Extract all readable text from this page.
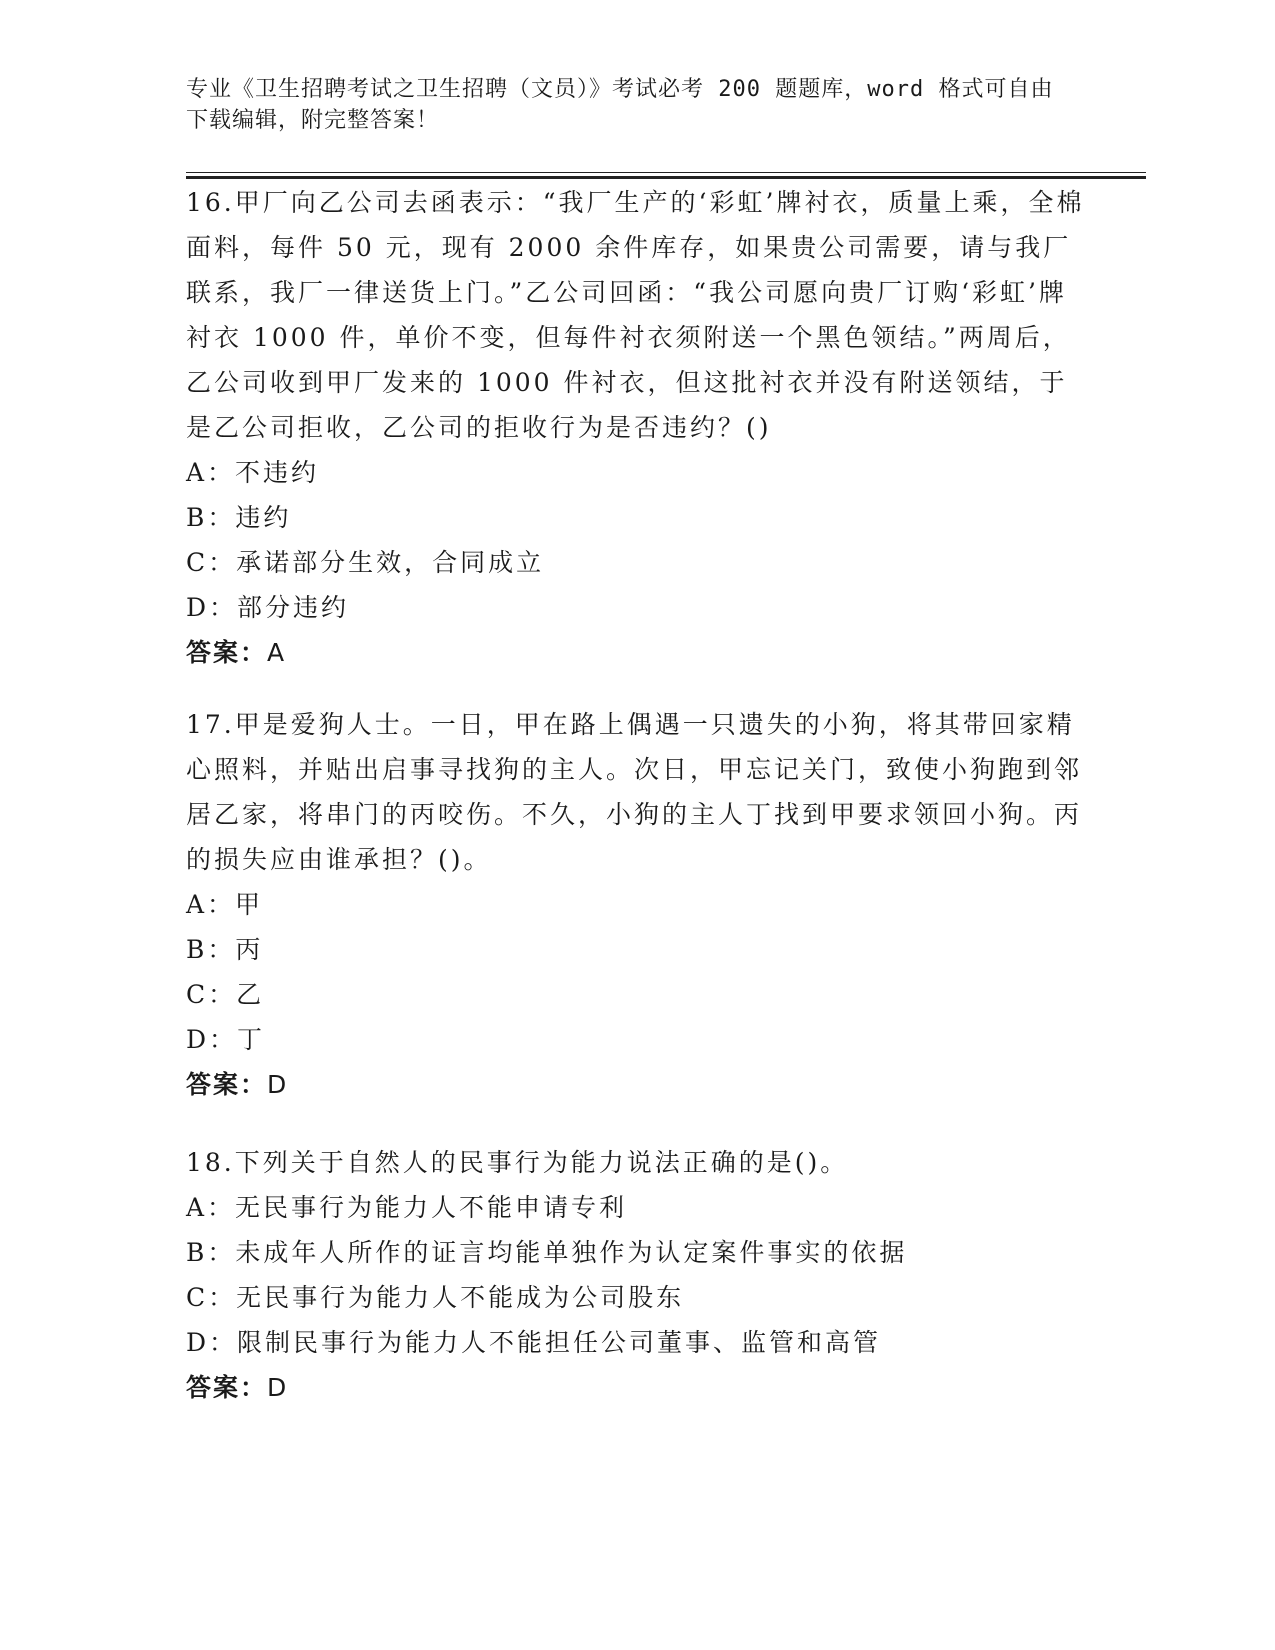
专业《卫生招聘考试之卫生招聘（文员）》考试必考 200 题题库，word 格式可自由下载编辑，附完整答案！

16.甲厂向乙公司去函表示：“我厂生产的‘彩虹’牌衬衣，质量上乘，全棉面料，每件 50 元，现有 2000 余件库存，如果贵公司需要，请与我厂联系，我厂一律送货上门。”乙公司回函：“我公司愿向贵厂订购‘彩虹’牌衬衣 1000 件，单价不变，但每件衬衣须附送一个黑色领结。”两周后，乙公司收到甲厂发来的 1000 件衬衣，但这批衬衣并没有附送领结，于是乙公司拒收，乙公司的拒收行为是否违约？()

A：不违约

B：违约

C：承诺部分生效，合同成立

D：部分违约

答案：A

17.甲是爱狗人士。一日，甲在路上偶遇一只遗失的小狗，将其带回家精心照料，并贴出启事寻找狗的主人。次日，甲忘记关门，致使小狗跑到邻居乙家，将串门的丙咬伤。不久，小狗的主人丁找到甲要求领回小狗。丙的损失应由谁承担？()。

A：甲

B：丙

C：乙

D：丁

答案：D

18.下列关于自然人的民事行为能力说法正确的是()。

A：无民事行为能力人不能申请专利

B：未成年人所作的证言均能单独作为认定案件事实的依据

C：无民事行为能力人不能成为公司股东

D：限制民事行为能力人不能担任公司董事、监管和高管

答案：D
